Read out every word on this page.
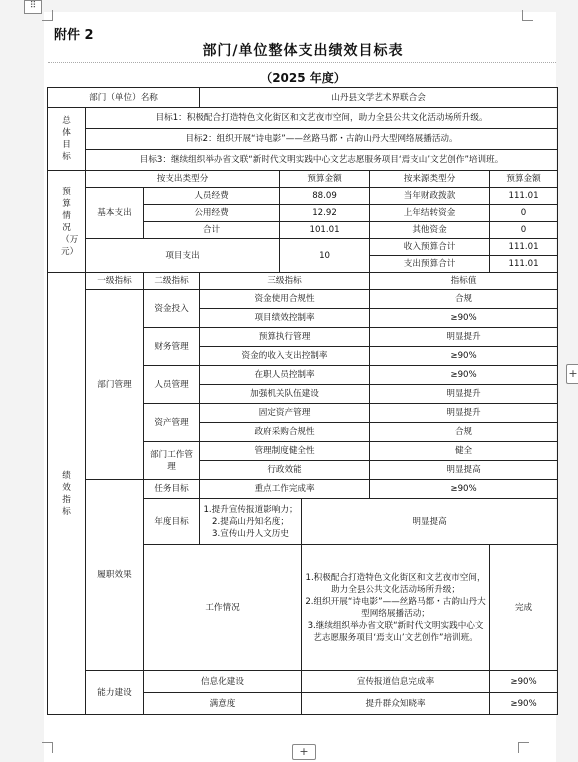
⠿
+
+
附件 2
部门/单位整体支出绩效目标表
（2025 年度）
部门（单位）名称			山丹县文学艺术界联合会				
总体目标	目标1：积极配合打造特色文化街区和文艺夜市空间，助力全县公共文化活动场所升级。						
	目标2：组织开展“诗电影”——丝路马都・古韵山丹大型网络展播活动。						
	目标3：继续组织举办省文联“新时代文明实践中心文艺志愿服务项目‘焉支山’文艺创作”培训班。						
预算情况（万元）	按支出类型分			预算金额		按来源类型分	预算金额
	基本支出	人员经费		88.09		当年财政拨款	111.01
		公用经费		12.92		上年结转资金	0
		合计		101.01		其他资金	0
	项目支出			10		收入预算合计	111.01
						支出预算合计	111.01
绩效指标	一级指标	二级指标	三级指标			指标值	
	部门管理	资金投入	资金使用合规性			合规	
			项目绩效控制率			≥90%	
		财务管理	预算执行管理			明显提升	
			资金的收入支出控制率			≥90%	
		人员管理	在职人员控制率			≥90%	
			加强机关队伍建设			明显提升	
		资产管理	固定资产管理			明显提升	
			政府采购合规性			合规	
		部门工作管理	管理制度健全性			健全	
			行政效能			明显提高	
	履职效果	任务目标	重点工作完成率			≥90%	
		年度目标	1.提升宣传报道影响力；
2.提高山丹知名度；
3.宣传山丹人文历史		明显提高		
		工作情况			1.积极配合打造特色文化街区和文艺夜市空间，助力全县公共文化活动场所升级；
2.组织开展“诗电影”——丝路马都・古韵山丹大型网络展播活动；
3.继续组织举办省文联“新时代文明实践中心文艺志愿服务项目‘焉支山’文艺创作”培训班。		完成
	能力建设	信息化建设			宣传报道信息完成率		≥90%
		满意度			提升群众知晓率		≥90%
